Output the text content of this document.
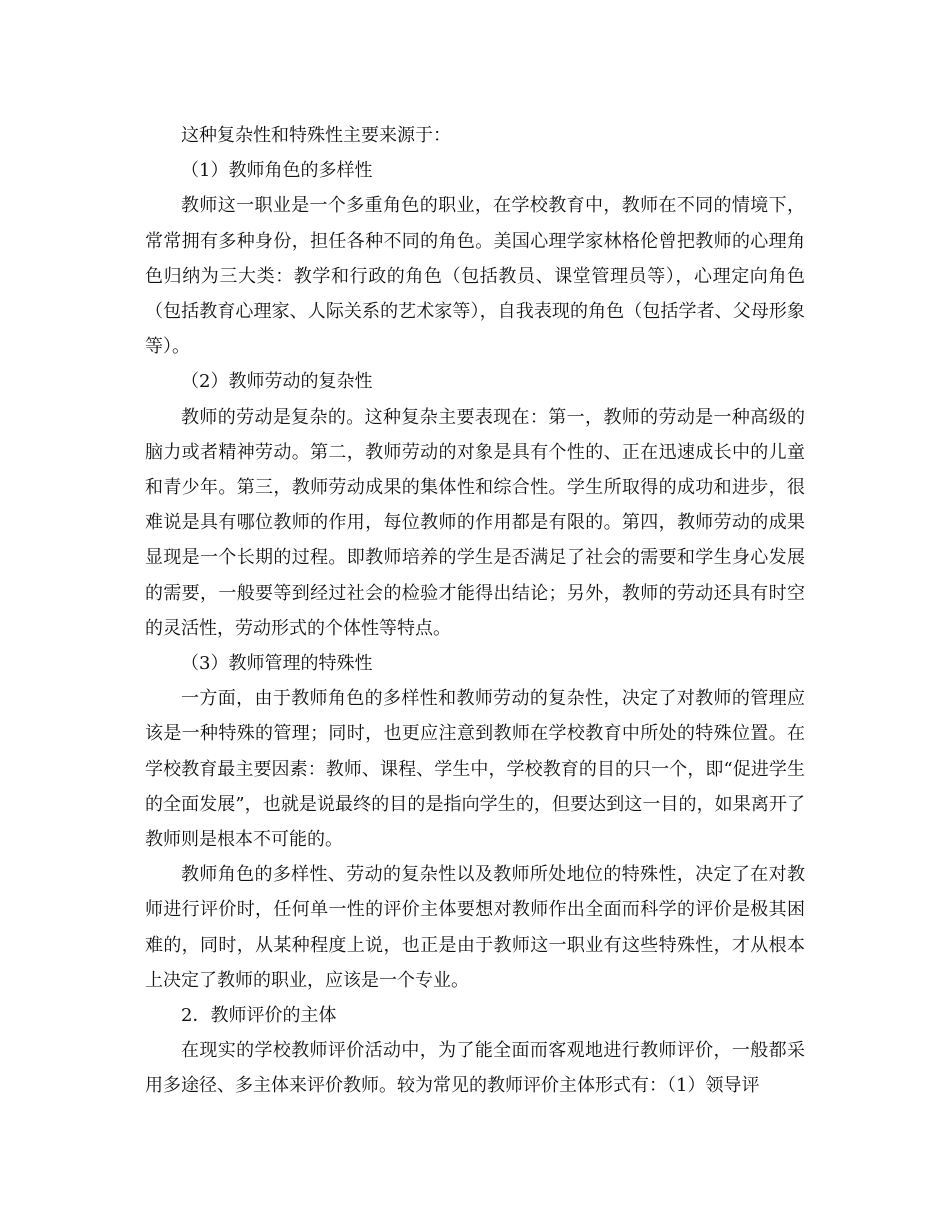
这种复杂性和特殊性主要来源于：

（1）教师角色的多样性

教师这一职业是一个多重角色的职业，在学校教育中，教师在不同的情境下，常常拥有多种身份，担任各种不同的角色。美国心理学家林格伦曾把教师的心理角色归纳为三大类：教学和行政的角色（包括教员、课堂管理员等），心理定向角色（包括教育心理家、人际关系的艺术家等），自我表现的角色（包括学者、父母形象等）。

（2）教师劳动的复杂性

教师的劳动是复杂的。这种复杂主要表现在：第一，教师的劳动是一种高级的脑力或者精神劳动。第二，教师劳动的对象是具有个性的、正在迅速成长中的儿童和青少年。第三，教师劳动成果的集体性和综合性。学生所取得的成功和进步，很难说是具有哪位教师的作用，每位教师的作用都是有限的。第四，教师劳动的成果显现是一个长期的过程。即教师培养的学生是否满足了社会的需要和学生身心发展的需要，一般要等到经过社会的检验才能得出结论；另外，教师的劳动还具有时空的灵活性，劳动形式的个体性等特点。

（3）教师管理的特殊性

一方面，由于教师角色的多样性和教师劳动的复杂性，决定了对教师的管理应该是一种特殊的管理；同时，也更应注意到教师在学校教育中所处的特殊位置。在学校教育最主要因素：教师、课程、学生中，学校教育的目的只一个，即“促进学生的全面发展”，也就是说最终的目的是指向学生的，但要达到这一目的，如果离开了教师则是根本不可能的。

教师角色的多样性、劳动的复杂性以及教师所处地位的特殊性，决定了在对教师进行评价时，任何单一性的评价主体要想对教师作出全面而科学的评价是极其困难的，同时，从某种程度上说，也正是由于教师这一职业有这些特殊性，才从根本上决定了教师的职业，应该是一个专业。

2．教师评价的主体

在现实的学校教师评价活动中，为了能全面而客观地进行教师评价，一般都采用多途径、多主体来评价教师。较为常见的教师评价主体形式有：（1）领导评
